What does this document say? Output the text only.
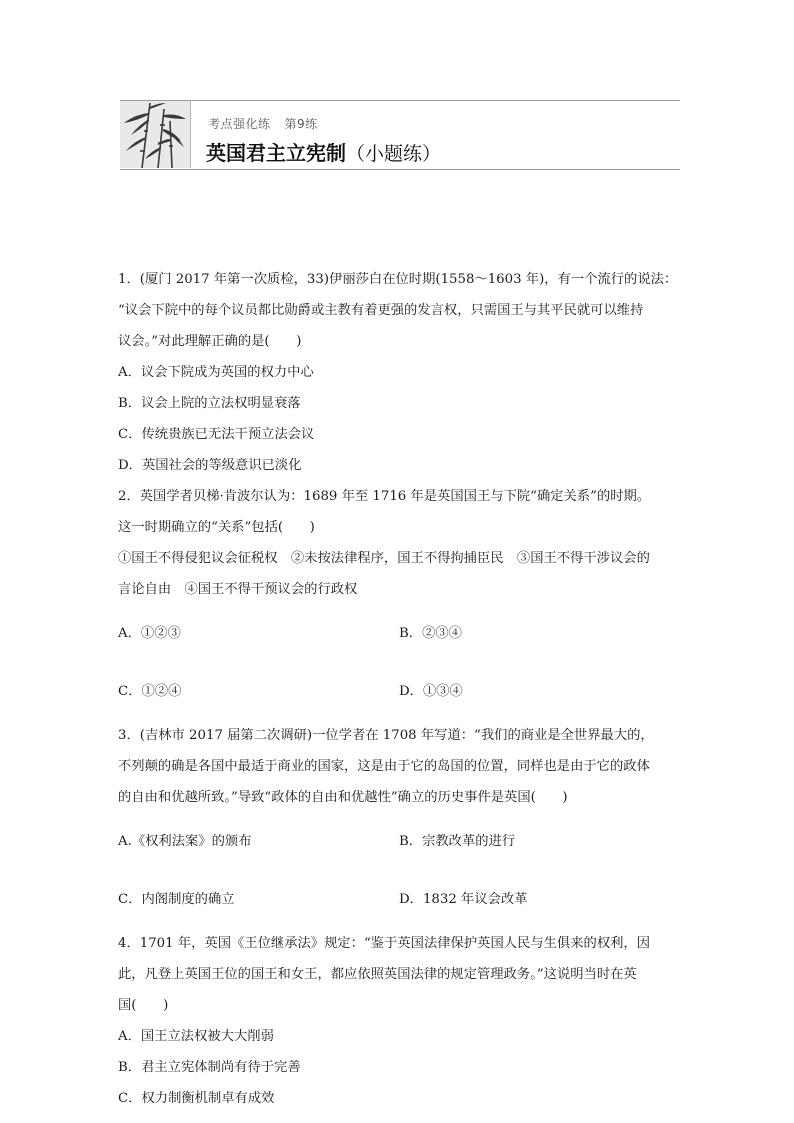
考点强化练 第9练
英国君主立宪制（小题练）

1．(厦门 2017 年第一次质检，33)伊丽莎白在位时期(1558～1603 年)，有一个流行的说法：

“议会下院中的每个议员都比勋爵或主教有着更强的发言权，只需国王与其平民就可以维持

议会。”对此理解正确的是(　　)

A．议会下院成为英国的权力中心

B．议会上院的立法权明显衰落

C．传统贵族已无法干预立法会议

D．英国社会的等级意识已淡化

2．英国学者贝梯·肯波尔认为：1689 年至 1716 年是英国国王与下院“确定关系”的时期。

这一时期确立的“关系”包括(　　)

①国王不得侵犯议会征税权　②未按法律程序，国王不得拘捕臣民　③国王不得干涉议会的

言论自由　④国王不得干预议会的行政权

A．①②③	B．②③④

C．①②④	D．①③④

3．(吉林市 2017 届第二次调研)一位学者在 1708 年写道：“我们的商业是全世界最大的，

不列颠的确是各国中最适于商业的国家，这是由于它的岛国的位置，同样也是由于它的政体

的自由和优越所致。”导致“政体的自由和优越性”确立的历史事件是英国(　　)

A.《权利法案》的颁布	B．宗教改革的进行

C．内阁制度的确立	D．1832 年议会改革

4．1701 年，英国《王位继承法》规定：“鉴于英国法律保护英国人民与生俱来的权利，因

此，凡登上英国王位的国王和女王，都应依照英国法律的规定管理政务。”这说明当时在英

国(　　)

A．国王立法权被大大削弱

B．君主立宪体制尚有待于完善

C．权力制衡机制卓有成效
